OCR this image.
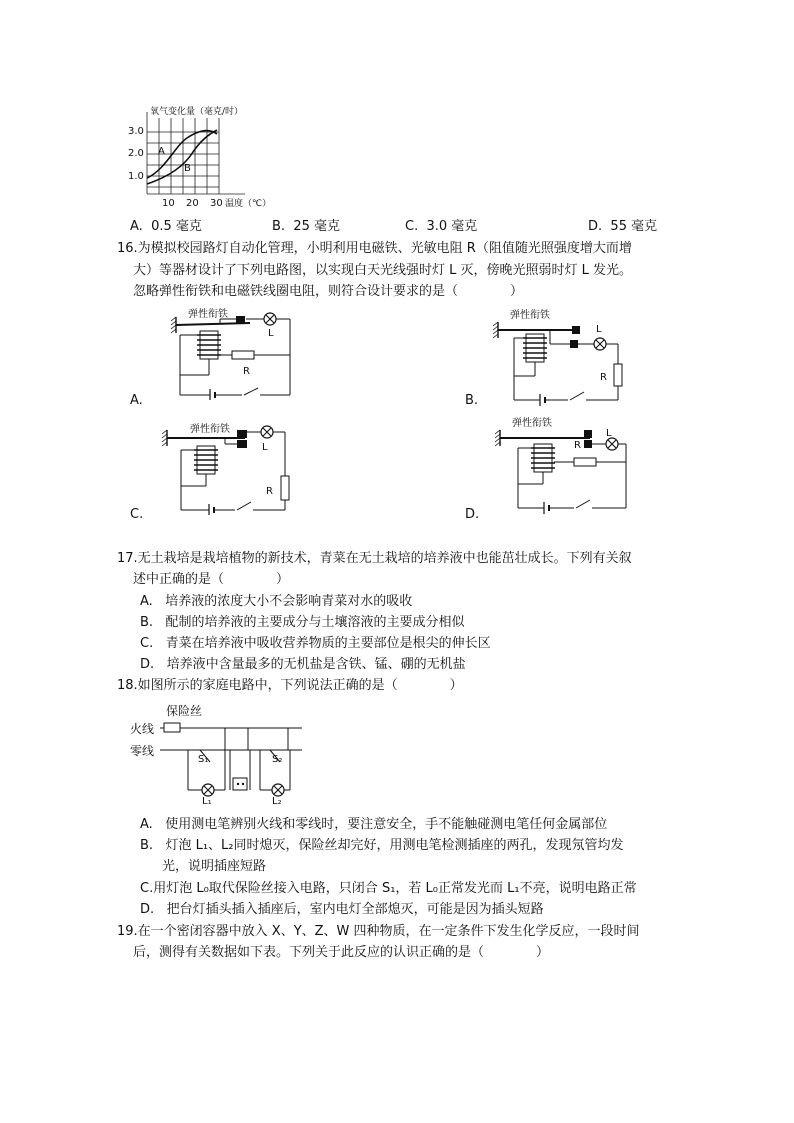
氧气变化量（毫克/时）
3.0
2.0
1.0
A
B
10 20 30 温度（℃）
A. 0.5 毫克	B. 25 毫克	C. 3.0 毫克	D. 55 毫克
16.为模拟校园路灯自动化管理，小明利用电磁铁、光敏电阻 R（阻值随光照强度增大而增
大）等器材设计了下列电路图，以实现白天光线强时灯 L 灭，傍晚光照弱时灯 L 发光。
忽略弹性衔铁和电磁铁线圈电阻，则符合设计要求的是（　　　　）
弹性衔铁
L
R
A.
弹性衔铁
L
R
B.
弹性衔铁
L
R
C.
弹性衔铁
L
R
D.
17.无土栽培是栽培植物的新技术，青菜在无土栽培的培养液中也能茁壮成长。下列有关叙
述中正确的是（　　　　）
A. 培养液的浓度大小不会影响青菜对水的吸收
B. 配制的培养液的主要成分与土壤溶液的主要成分相似
C. 青菜在培养液中吸收营养物质的主要部位是根尖的伸长区
D. 培养液中含量最多的无机盐是含铁、锰、硼的无机盐
18.如图所示的家庭电路中，下列说法正确的是（　　　　）
保险丝
火线
零线
S₁	S₂
L₁	L₂
A. 使用测电笔辨别火线和零线时，要注意安全，手不能触碰测电笔任何金属部位
B. 灯泡 L₁、L₂同时熄灭，保险丝却完好，用测电笔检测插座的两孔，发现氖管均发
光，说明插座短路
C.用灯泡 L₀取代保险丝接入电路，只闭合 S₁，若 L₀正常发光而 L₁不亮，说明电路正常
D. 把台灯插头插入插座后，室内电灯全部熄灭，可能是因为插头短路
19.在一个密闭容器中放入 X、Y、Z、W 四种物质，在一定条件下发生化学反应，一段时间
后，测得有关数据如下表。下列关于此反应的认识正确的是（　　　　）
